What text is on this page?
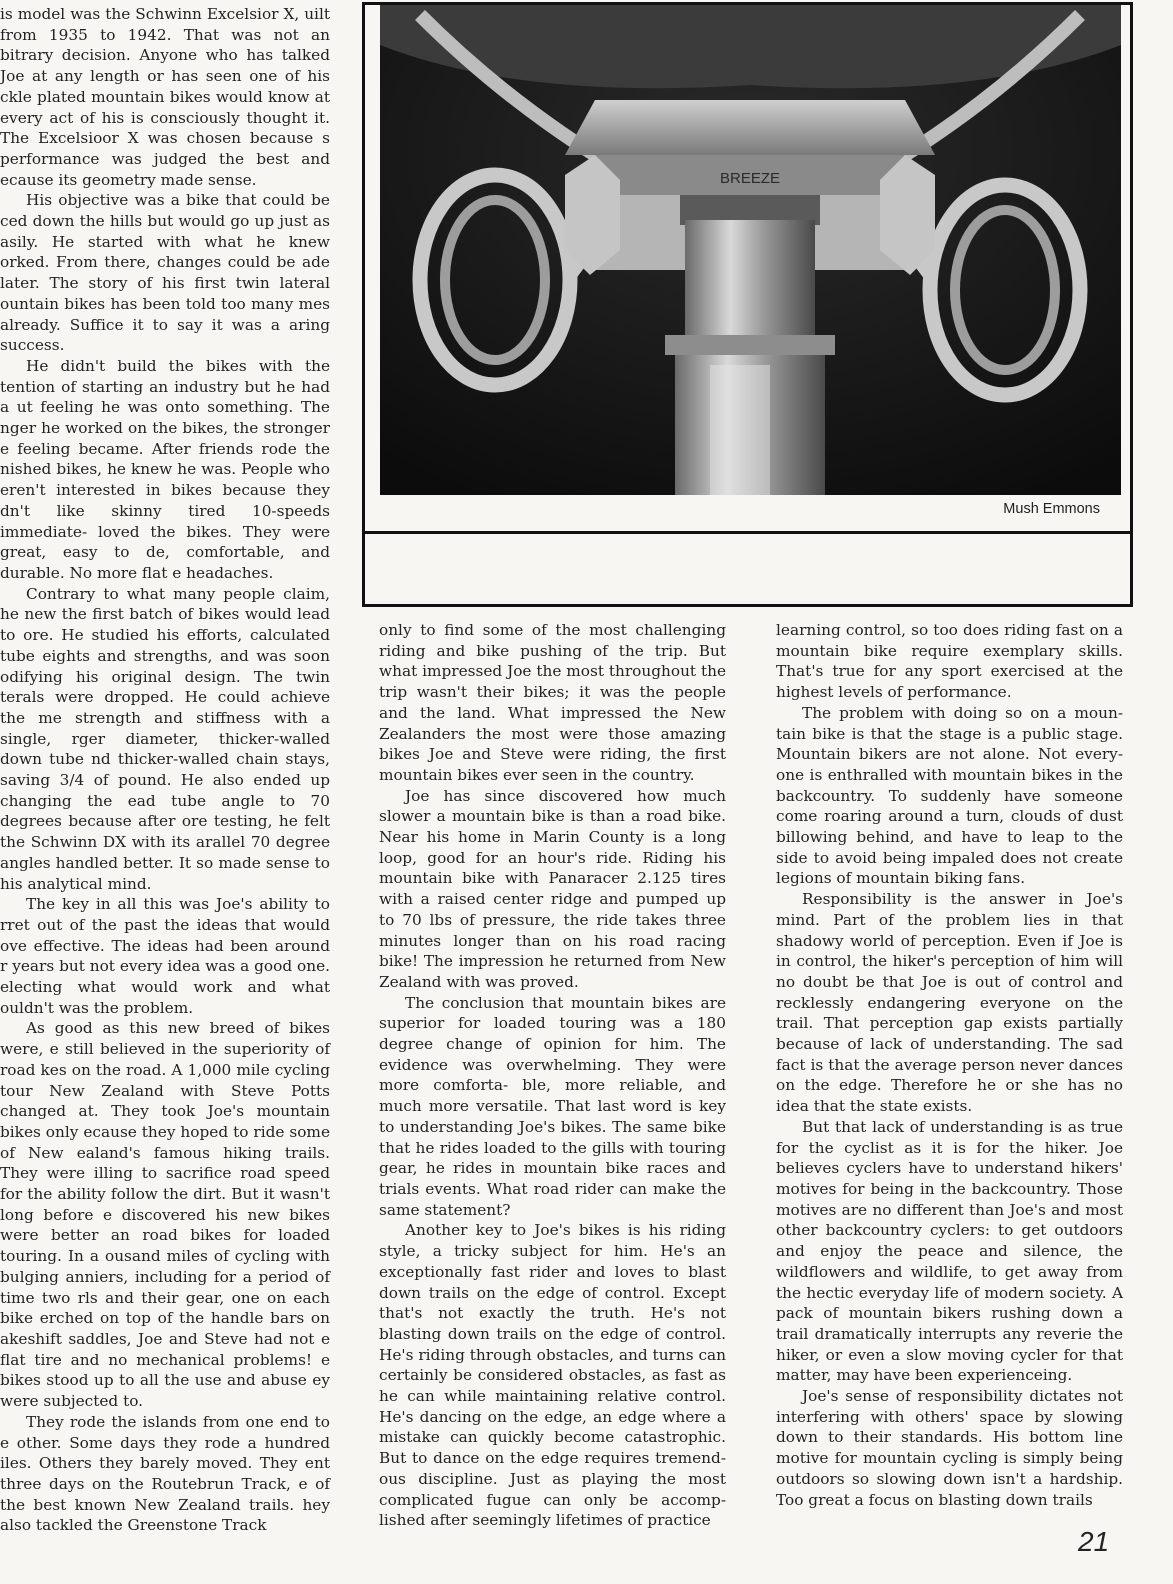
is model was the Schwinn Excelsior X, uilt from 1935 to 1942. That was not an bitrary decision. Anyone who has talked Joe at any length or has seen one of his ckle plated mountain bikes would know at every act of his is consciously thought it. The Excelsioor X was chosen because s performance was judged the best and ecause its geometry made sense.

His objective was a bike that could be ced down the hills but would go up just as asily. He started with what he knew orked. From there, changes could be ade later. The story of his first twin lateral ountain bikes has been told too many mes already. Suffice it to say it was a aring success.

He didn't build the bikes with the tention of starting an industry but he had a ut feeling he was onto something. The nger he worked on the bikes, the stronger e feeling became. After friends rode the nished bikes, he knew he was. People who eren't interested in bikes because they dn't like skinny tired 10-speeds immediate- loved the bikes. They were great, easy to de, comfortable, and durable. No more flat e headaches.

Contrary to what many people claim, he new the first batch of bikes would lead to ore. He studied his efforts, calculated tube eights and strengths, and was soon odifying his original design. The twin terals were dropped. He could achieve the me strength and stiffness with a single, rger diameter, thicker-walled down tube nd thicker-walled chain stays, saving 3/4 of pound. He also ended up changing the ead tube angle to 70 degrees because after ore testing, he felt the Schwinn DX with its arallel 70 degree angles handled better. It so made sense to his analytical mind.

The key in all this was Joe's ability to rret out of the past the ideas that would ove effective. The ideas had been around r years but not every idea was a good one. electing what would work and what ouldn't was the problem.

As good as this new breed of bikes were, e still believed in the superiority of road kes on the road. A 1,000 mile cycling tour New Zealand with Steve Potts changed at. They took Joe's mountain bikes only ecause they hoped to ride some of New ealand's famous hiking trails. They were illing to sacrifice road speed for the ability follow the dirt. But it wasn't long before e discovered his new bikes were better an road bikes for loaded touring. In a ousand miles of cycling with bulging anniers, including for a period of time two rls and their gear, one on each bike erched on top of the handle bars on akeshift saddles, Joe and Steve had not e flat tire and no mechanical problems! e bikes stood up to all the use and abuse ey were subjected to.

They rode the islands from one end to e other. Some days they rode a hundred iles. Others they barely moved. They ent three days on the Routebrun Track, e of the best known New Zealand trails. hey also tackled the Greenstone Track

BREEZE
Mush Emmons

only to find some of the most challenging riding and bike pushing of the trip. But what impressed Joe the most throughout the trip wasn't their bikes; it was the people and the land. What impressed the New Zealanders the most were those amazing bikes Joe and Steve were riding, the first mountain bikes ever seen in the country.

Joe has since discovered how much slower a mountain bike is than a road bike. Near his home in Marin County is a long loop, good for an hour's ride. Riding his mountain bike with Panaracer 2.125 tires with a raised center ridge and pumped up to 70 lbs of pressure, the ride takes three minutes longer than on his road racing bike! The impression he returned from New Zealand with was proved.

The conclusion that mountain bikes are superior for loaded touring was a 180 degree change of opinion for him. The evidence was overwhelming. They were more comforta- ble, more reliable, and much more versatile. That last word is key to understanding Joe's bikes. The same bike that he rides loaded to the gills with touring gear, he rides in mountain bike races and trials events. What road rider can make the same statement?

Another key to Joe's bikes is his riding style, a tricky subject for him. He's an exceptionally fast rider and loves to blast down trails on the edge of control. Except that's not exactly the truth. He's not blasting down trails on the edge of control. He's riding through obstacles, and turns can certainly be considered obstacles, as fast as he can while maintaining relative control. He's dancing on the edge, an edge where a mistake can quickly become catastrophic. But to dance on the edge requires tremend- ous discipline. Just as playing the most complicated fugue can only be accomp- lished after seemingly lifetimes of practice

learning control, so too does riding fast on a mountain bike require exemplary skills. That's true for any sport exercised at the highest levels of performance.

The problem with doing so on a moun- tain bike is that the stage is a public stage. Mountain bikers are not alone. Not every- one is enthralled with mountain bikes in the backcountry. To suddenly have someone come roaring around a turn, clouds of dust billowing behind, and have to leap to the side to avoid being impaled does not create legions of mountain biking fans.

Responsibility is the answer in Joe's mind. Part of the problem lies in that shadowy world of perception. Even if Joe is in control, the hiker's perception of him will no doubt be that Joe is out of control and recklessly endangering everyone on the trail. That perception gap exists partially because of lack of understanding. The sad fact is that the average person never dances on the edge. Therefore he or she has no idea that the state exists.

But that lack of understanding is as true for the cyclist as it is for the hiker. Joe believes cyclers have to understand hikers' motives for being in the backcountry. Those motives are no different than Joe's and most other backcountry cyclers: to get outdoors and enjoy the peace and silence, the wildflowers and wildlife, to get away from the hectic everyday life of modern society. A pack of mountain bikers rushing down a trail dramatically interrupts any reverie the hiker, or even a slow moving cycler for that matter, may have been experienceing.

Joe's sense of responsibility dictates not interfering with others' space by slowing down to their standards. His bottom line motive for mountain cycling is simply being outdoors so slowing down isn't a hardship. Too great a focus on blasting down trails

21
